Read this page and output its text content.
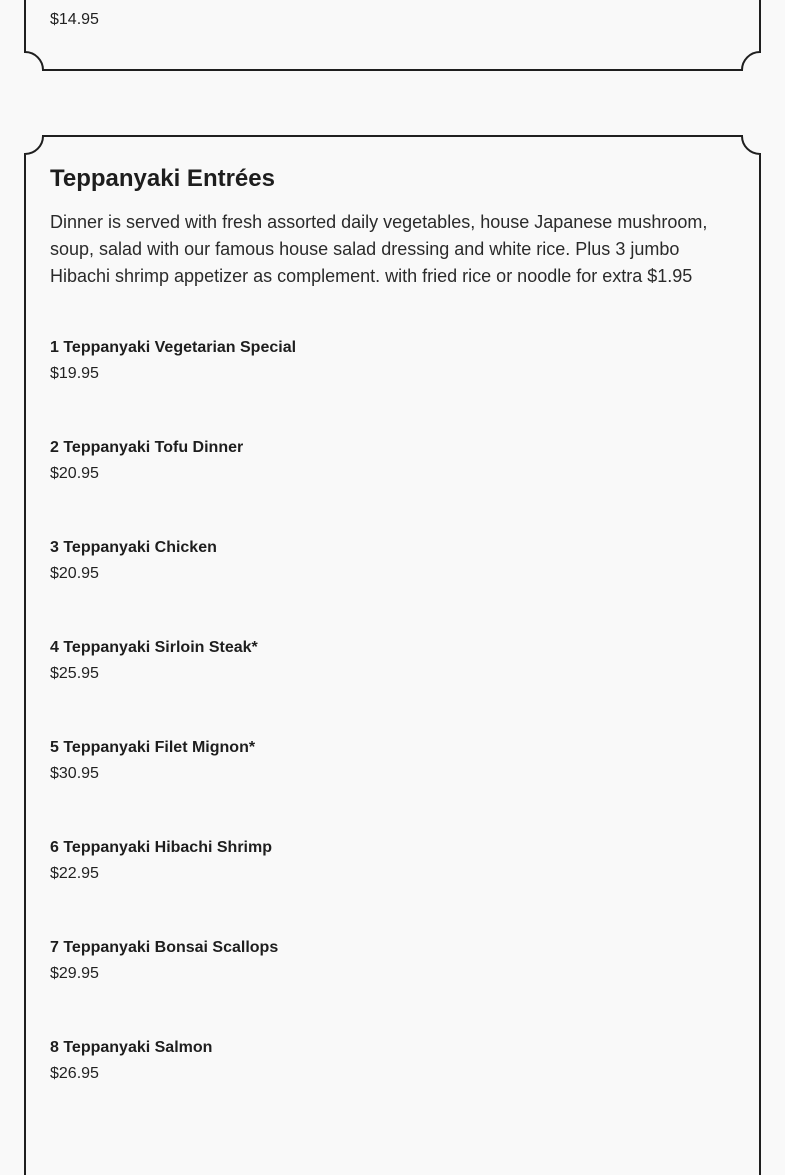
$14.95
Teppanyaki Entrées

Dinner is served with fresh assorted daily vegetables, house Japanese mushroom, soup, salad with our famous house salad dressing and white rice. Plus 3 jumbo Hibachi shrimp appetizer as complement. with fried rice or noodle for extra $1.95

1 Teppanyaki Vegetarian Special
$19.95
2 Teppanyaki Tofu Dinner
$20.95
3 Teppanyaki Chicken
$20.95
4 Teppanyaki Sirloin Steak*
$25.95
5 Teppanyaki Filet Mignon*
$30.95
6 Teppanyaki Hibachi Shrimp
$22.95
7 Teppanyaki Bonsai Scallops
$29.95
8 Teppanyaki Salmon
$26.95
